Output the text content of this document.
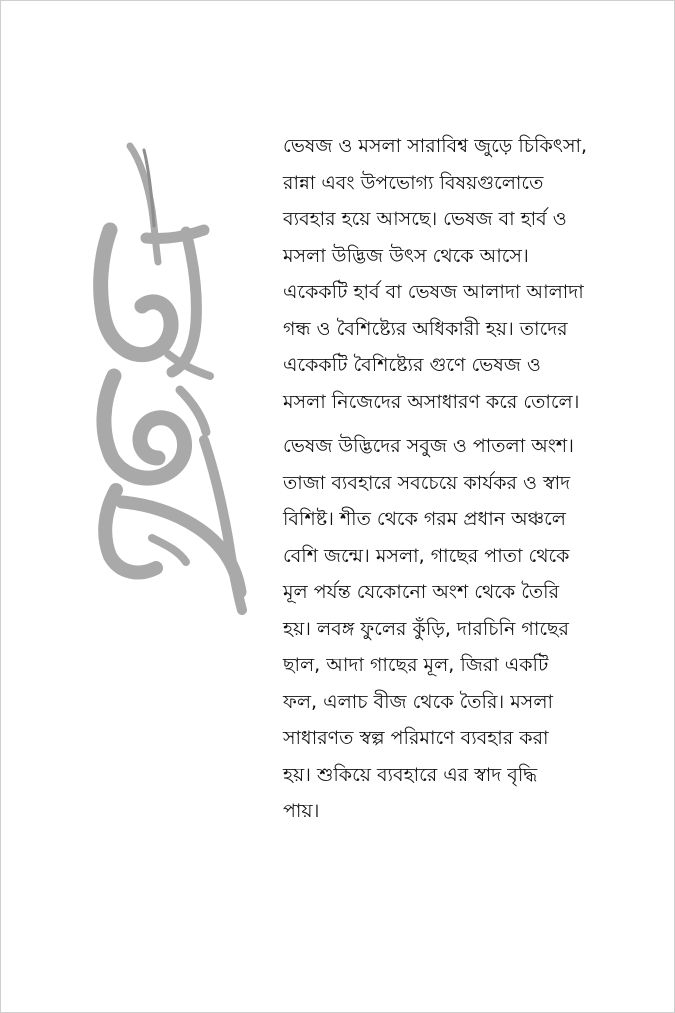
ভেষজ ও মসলা সারাবিশ্ব জুড়ে চিকিৎসা,
রান্না এবং উপভোগ্য বিষয়গুলোতে
ব্যবহার হয়ে আসছে। ভেষজ বা হার্ব ও
মসলা উদ্ভিজ উৎস থেকে আসে।
একেকটি হার্ব বা ভেষজ আলাদা আলাদা
গন্ধ ও বৈশিষ্ট্যের অধিকারী হয়। তাদের
একেকটি বৈশিষ্ট্যের গুণে ভেষজ ও
মসলা নিজেদের অসাধারণ করে তোলে।

ভেষজ উদ্ভিদের সবুজ ও পাতলা অংশ।
তাজা ব্যবহারে সবচেয়ে কার্যকর ও স্বাদ
বিশিষ্ট। শীত থেকে গরম প্রধান অঞ্চলে
বেশি জন্মে। মসলা, গাছের পাতা থেকে
মূল পর্যন্ত যেকোনো অংশ থেকে তৈরি
হয়। লবঙ্গ ফুলের কুঁড়ি, দারচিনি গাছের
ছাল, আদা গাছের মূল, জিরা একটি
ফল, এলাচ বীজ থেকে তৈরি। মসলা
সাধারণত স্বল্প পরিমাণে ব্যবহার করা
হয়। শুকিয়ে ব্যবহারে এর স্বাদ বৃদ্ধি
পায়।
